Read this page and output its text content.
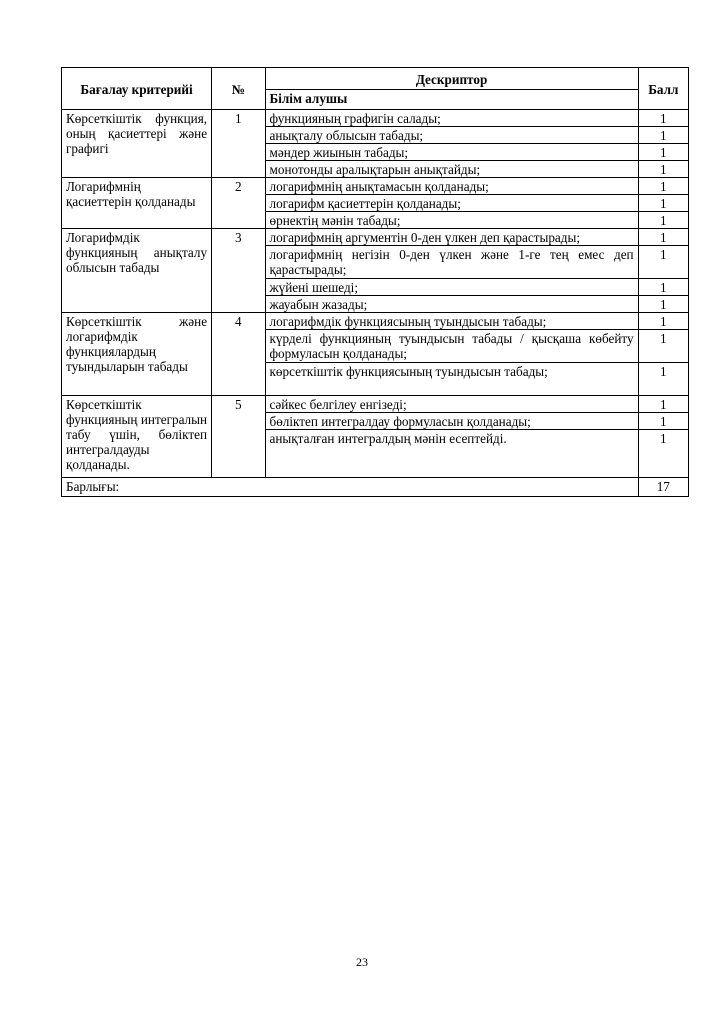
Бағалау критерийі	№	Дескриптор	Балл
		Білім алушы	
Көрсеткіштік функция, оның қасиеттері және графигі	1	функцияның графигін салады;	1
		анықталу облысын табады;	1
		мәндер жиынын табады;	1
		монотонды аралықтарын анықтайды;	1
Логарифмнің қасиеттерін қолданады	2	логарифмнің анықтамасын қолданады;	1
		логарифм қасиеттерін қолданады;	1
		өрнектің мәнін табады;	1
Логарифмдік функцияның анықталу облысын табады	3	логарифмнің аргументін 0-ден үлкен деп қарастырады;	1
		логарифмнің негізін 0-ден үлкен және 1-ге тең емес деп қарастырады;	1
		жүйені шешеді;	1
		жауабын жазады;	1
Көрсеткіштік және логарифмдік функциялардың туындыларын табады	4	логарифмдік функциясының туындысын табады;	1
		күрделі функцияның туындысын табады / қысқаша көбейту формуласын қолданады;	1
		көрсеткіштік функциясының туындысын табады;	1
Көрсеткіштік функцияның интегралын табу үшін, бөліктеп интегралдауды қолданады.	5	сәйкес белгілеу енгізеді;	1
		бөліктеп интегралдау формуласын қолданады;	1
		анықталған интегралдың мәнін есептейді.	1
Барлығы:			17
23
